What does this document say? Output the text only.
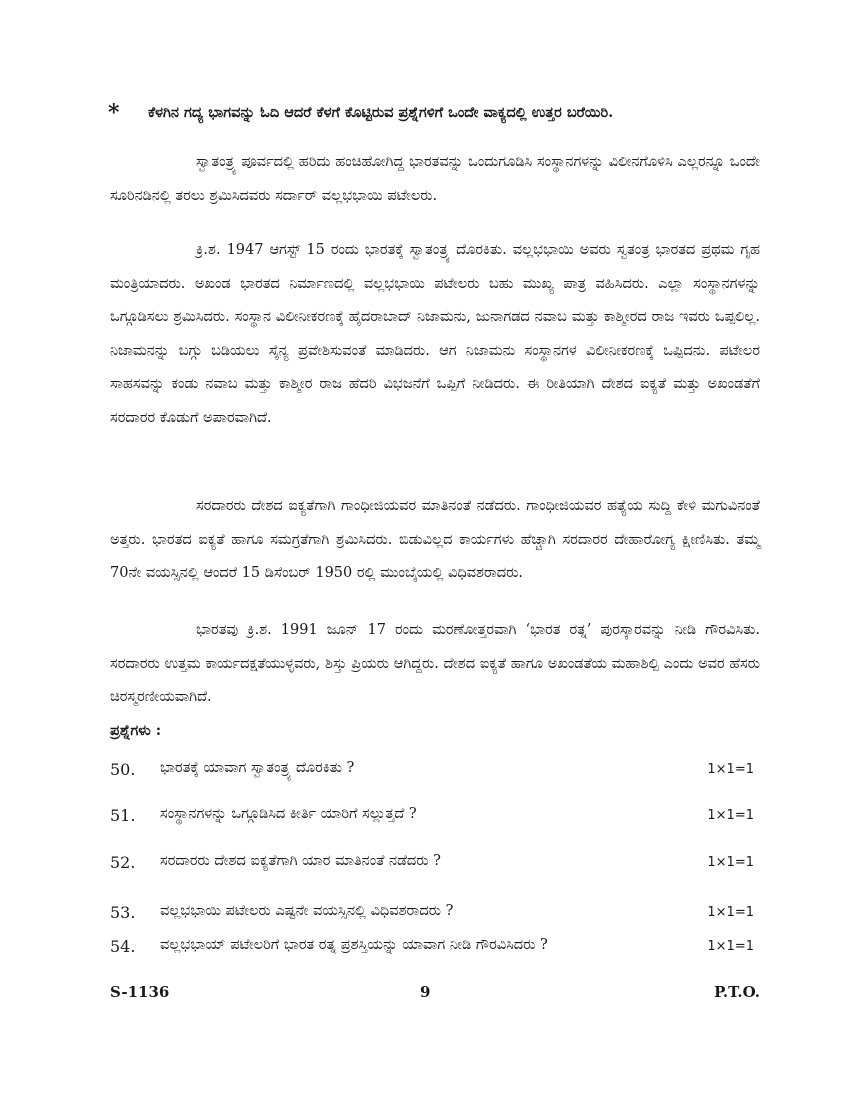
* ಕೆಳಗಿನ ಗದ್ಯ ಭಾಗವನ್ನು ಓದಿ ಆದರೆ ಕೆಳಗೆ ಕೊಟ್ಟಿರುವ ಪ್ರಶ್ನೆಗಳಿಗೆ ಒಂದೇ ವಾಕ್ಯದಲ್ಲಿ ಉತ್ತರ ಬರೆಯಿರಿ.
ಸ್ವಾತಂತ್ರ್ಯ ಪೂರ್ವದಲ್ಲಿ ಹರಿದು ಹಂಚಿಹೋಗಿದ್ದ ಭಾರತವನ್ನು ಒಂದುಗೂಡಿಸಿ ಸಂಸ್ಥಾನಗಳನ್ನು ವಿಲೀನಗೊಳಿಸಿ ಎಲ್ಲರನ್ನೂ ಒಂದೇ ಸೂರಿನಡಿನಲ್ಲಿ ತರಲು ಶ್ರಮಿಸಿದವರು ಸರ್ದಾರ್ ವಲ್ಲಭಭಾಯಿ ಪಟೇಲರು.
ಕ್ರಿ.ಶ. 1947 ಆಗಸ್ಟ್ 15 ರಂದು ಭಾರತಕ್ಕೆ ಸ್ವಾತಂತ್ರ್ಯ ದೊರಕಿತು. ವಲ್ಲಭಭಾಯಿ ಅವರು ಸ್ವತಂತ್ರ ಭಾರತದ ಪ್ರಥಮ ಗೃಹ ಮಂತ್ರಿಯಾದರು. ಅಖಂಡ ಭಾರತದ ನಿರ್ಮಾಣದಲ್ಲಿ ವಲ್ಲಭಭಾಯಿ ಪಟೇಲರು ಬಹು ಮುಖ್ಯ ಪಾತ್ರ ವಹಿಸಿದರು. ಎಲ್ಲಾ ಸಂಸ್ಥಾನಗಳನ್ನು ಒಗ್ಗೂಡಿಸಲು ಶ್ರಮಿಸಿದರು. ಸಂಸ್ಥಾನ ವಿಲೀನೀಕರಣಕ್ಕೆ ಹೈದರಾಬಾದ್ ನಿಜಾಮನು, ಜುನಾಗಡದ ನವಾಬ ಮತ್ತು ಕಾಶ್ಮೀರದ ರಾಜ ಇವರು ಒಪ್ಪಲಿಲ್ಲ. ನಿಜಾಮನನ್ನು ಬಗ್ಗು ಬಡಿಯಲು ಸೈನ್ಯ ಪ್ರವೇಶಿಸುವಂತೆ ಮಾಡಿದರು. ಆಗ ನಿಜಾಮನು ಸಂಸ್ಥಾನಗಳ ವಿಲೀನೀಕರಣಕ್ಕೆ ಒಪ್ಪಿದನು. ಪಟೇಲರ ಸಾಹಸವನ್ನು ಕಂಡು ನವಾಬ ಮತ್ತು ಕಾಶ್ಮೀರ ರಾಜ ಹೆದರಿ ವಿಭಜನೆಗೆ ಒಪ್ಪಿಗೆ ನೀಡಿದರು. ಈ ರೀತಿಯಾಗಿ ದೇಶದ ಐಕ್ಯತೆ ಮತ್ತು ಅಖಂಡತೆಗೆ ಸರದಾರರ ಕೊಡುಗೆ ಅಪಾರವಾಗಿದೆ.
ಸರದಾರರು ದೇಶದ ಐಕ್ಯತೆಗಾಗಿ ಗಾಂಧೀಜಿಯವರ ಮಾತಿನಂತೆ ನಡೆದರು. ಗಾಂಧೀಜಿಯವರ ಹತ್ಯೆಯ ಸುದ್ದಿ ಕೇಳಿ ಮಗುವಿನಂತೆ ಅತ್ತರು. ಭಾರತದ ಐಕ್ಯತೆ ಹಾಗೂ ಸಮಗ್ರತೆಗಾಗಿ ಶ್ರಮಿಸಿದರು. ಬಿಡುವಿಲ್ಲದ ಕಾರ್ಯಗಳು ಹೆಚ್ಚಾಗಿ ಸರದಾರರ ದೇಹಾರೋಗ್ಯ ಕ್ಷೀಣಿಸಿತು. ತಮ್ಮ 70ನೇ ವಯಸ್ಸಿನಲ್ಲಿ ಆಂದರೆ 15 ಡಿಸೆಂಬರ್ 1950 ರಲ್ಲಿ ಮುಂಬೈಯಲ್ಲಿ ವಿಧಿವಶರಾದರು.
ಭಾರತವು ಕ್ರಿ.ಶ. 1991 ಜೂನ್ 17 ರಂದು ಮರಣೋತ್ತರವಾಗಿ ‘ಭಾರತ ರತ್ನ’ ಪುರಸ್ಕಾರವನ್ನು ನೀಡಿ ಗೌರವಿಸಿತು. ಸರದಾರರು ಉತ್ತಮ ಕಾರ್ಯದಕ್ಷತೆಯುಳ್ಳವರು, ಶಿಸ್ತು ಪ್ರಿಯರು ಆಗಿದ್ದರು. ದೇಶದ ಐಕ್ಯತೆ ಹಾಗೂ ಅಖಂಡತೆಯ ಮಹಾಶಿಲ್ಪಿ ಎಂದು ಅವರ ಹೆಸರು ಚಿರಸ್ಮರಣೀಯವಾಗಿದೆ.
ಪ್ರಶ್ನೆಗಳು :
50. ಭಾರತಕ್ಕೆ ಯಾವಾಗ ಸ್ವಾತಂತ್ರ್ಯ ದೊರಕಿತು ?	1×1=1
51. ಸಂಸ್ಥಾನಗಳನ್ನು ಒಗ್ಗೂಡಿಸಿದ ಕೀರ್ತಿ ಯಾರಿಗೆ ಸಲ್ಲುತ್ತದೆ ?	1×1=1
52. ಸರದಾರರು ದೇಶದ ಐಕ್ಯತೆಗಾಗಿ ಯಾರ ಮಾತಿನಂತೆ ನಡೆದರು ?	1×1=1
53. ವಲ್ಲಭಭಾಯಿ ಪಟೇಲರು ಎಷ್ಟನೇ ವಯಸ್ಸಿನಲ್ಲಿ ವಿಧಿವಶರಾದರು ?	1×1=1
54. ವಲ್ಲಭಭಾಯ್ ಪಟೇಲರಿಗೆ ಭಾರತ ರತ್ನ ಪ್ರಶಸ್ತಿಯನ್ನು ಯಾವಾಗ ನೀಡಿ ಗೌರವಿಸಿದರು ?	1×1=1
S-1136	9	P.T.O.
